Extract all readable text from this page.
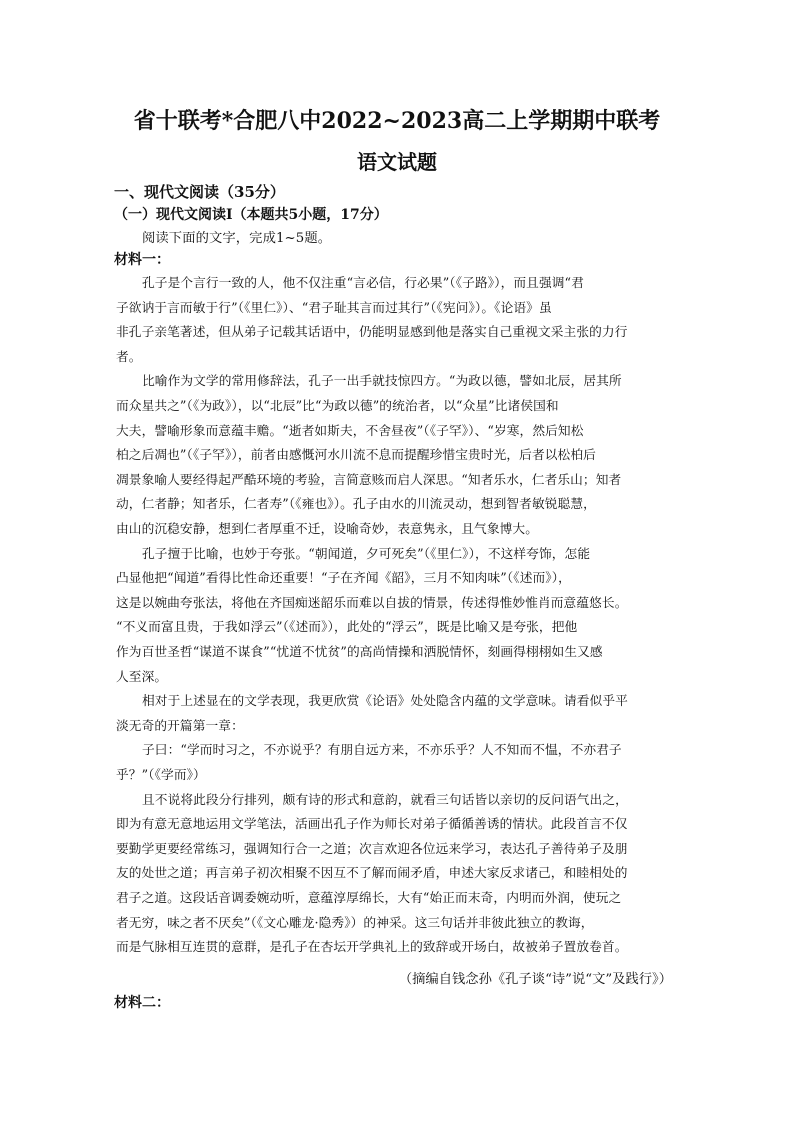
省十联考*合肥八中2022~2023高二上学期期中联考
语文试题
一、现代文阅读（35分）
（一）现代文阅读Ⅰ（本题共5小题，17分）
阅读下面的文字，完成1~5题。
材料一：
孔子是个言行一致的人，他不仅注重“言必信，行必果”（《子路》），而且强调“君
子欲讷于言而敏于行”（《里仁》）、“君子耻其言而过其行”（《宪问》）。《论语》虽
非孔子亲笔著述，但从弟子记载其话语中，仍能明显感到他是落实自己重视文采主张的力行
者。
比喻作为文学的常用修辞法，孔子一出手就技惊四方。“为政以德，譬如北辰，居其所
而众星共之”（《为政》），以“北辰”比“为政以德”的统治者，以“众星”比诸侯国和
大夫，譬喻形象而意蕴丰赡。“逝者如斯夫，不舍昼夜”（《子罕》）、“岁寒，然后知松
柏之后凋也”（《子罕》），前者由感慨河水川流不息而提醒珍惜宝贵时光，后者以松柏后
凋景象喻人要经得起严酷环境的考验，言简意赅而启人深思。“知者乐水，仁者乐山；知者
动，仁者静；知者乐，仁者寿”（《雍也》）。孔子由水的川流灵动，想到智者敏锐聪慧，
由山的沉稳安静，想到仁者厚重不迁，设喻奇妙，表意隽永，且气象博大。
孔子擅于比喻，也妙于夸张。“朝闻道，夕可死矣”（《里仁》），不这样夸饰，怎能
凸显他把“闻道”看得比性命还重要！“子在齐闻《韶》，三月不知肉味”（《述而》），
这是以婉曲夸张法，将他在齐国痴迷韶乐而难以自拔的情景，传述得惟妙惟肖而意蕴悠长。
“不义而富且贵，于我如浮云”（《述而》），此处的“浮云”，既是比喻又是夸张，把他
作为百世圣哲“谋道不谋食”“忧道不忧贫”的高尚情操和洒脱情怀，刻画得栩栩如生又感
人至深。
相对于上述显在的文学表现，我更欣赏《论语》处处隐含内蕴的文学意味。请看似乎平
淡无奇的开篇第一章：
子曰：“学而时习之，不亦说乎？有朋自远方来，不亦乐乎？人不知而不愠，不亦君子
乎？”（《学而》）
且不说将此段分行排列，颇有诗的形式和意韵，就看三句话皆以亲切的反问语气出之，
即为有意无意地运用文学笔法，活画出孔子作为师长对弟子循循善诱的情状。此段首言不仅
要勤学更要经常练习，强调知行合一之道；次言欢迎各位远来学习，表达孔子善待弟子及朋
友的处世之道；再言弟子初次相聚不因互不了解而闹矛盾，申述大家反求诸己，和睦相处的
君子之道。这段话音调委婉动听，意蕴淳厚绵长，大有“始正而末奇，内明而外润，使玩之
者无穷，味之者不厌矣”（《文心雕龙·隐秀》）的神采。这三句话并非彼此独立的教诲，
而是气脉相互连贯的意群，是孔子在杏坛开学典礼上的致辞或开场白，故被弟子置放卷首。
（摘编自钱念孙《孔子谈“诗”说“文”及践行》）
材料二：
